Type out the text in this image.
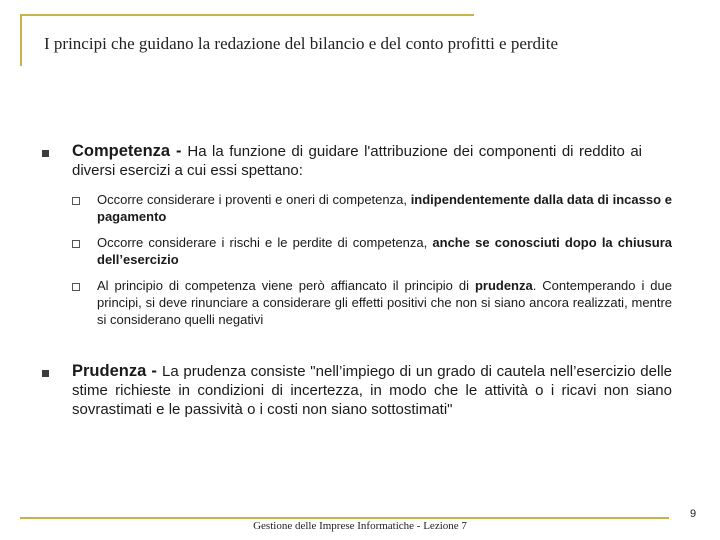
I principi che guidano la redazione del bilancio e del conto profitti e perdite
Competenza - Ha la funzione di guidare l'attribuzione dei componenti di reddito ai diversi esercizi a cui essi spettano:
Occorre considerare i proventi e oneri di competenza, indipendentemente dalla data di incasso e pagamento
Occorre considerare i rischi e le perdite di competenza, anche se conosciuti dopo la chiusura dell’esercizio
Al principio di competenza viene però affiancato il principio di prudenza. Contemperando i due principi, si deve rinunciare a considerare gli effetti positivi che non si siano ancora realizzati, mentre si considerano quelli negativi
Prudenza - La prudenza consiste "nell’impiego di un grado di cautela nell’esercizio delle stime richieste in condizioni di incertezza, in modo che le attività o i ricavi non siano sovrastimati e le passività o i costi non siano sottostimati"
9
Gestione delle Imprese Informatiche - Lezione 7
